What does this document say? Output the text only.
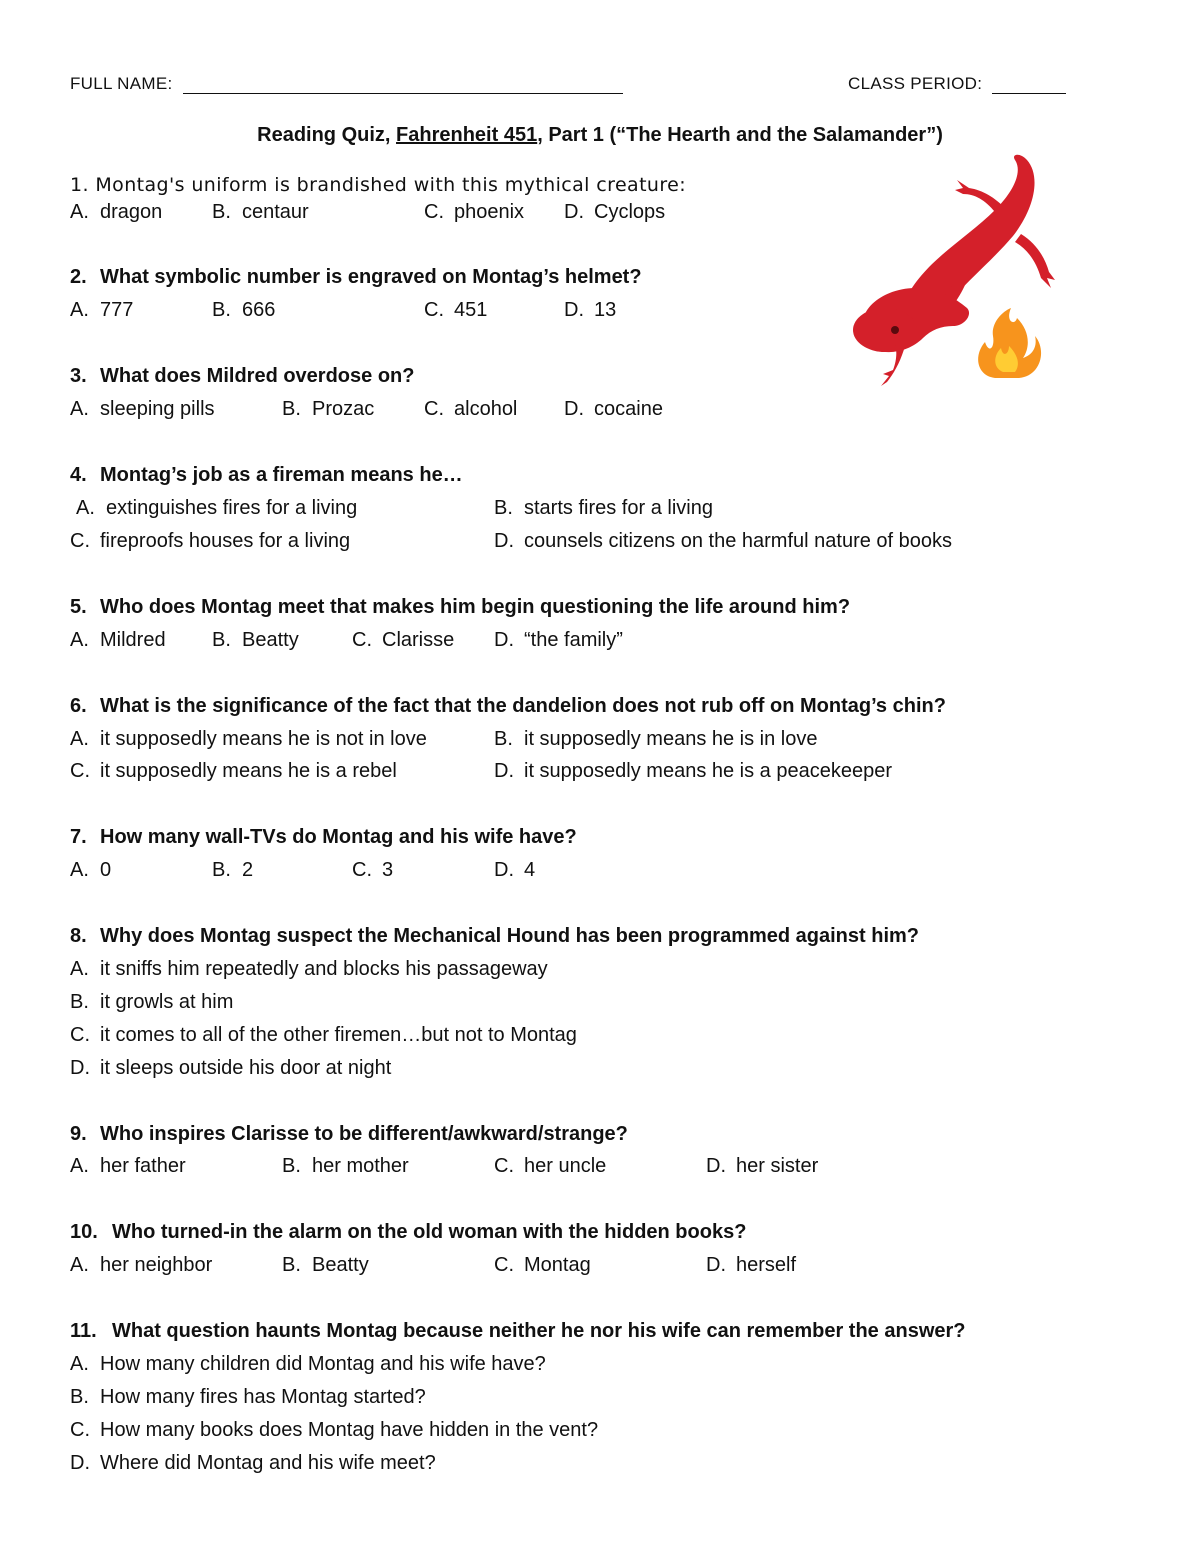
FULL NAME:	CLASS PERIOD:
Reading Quiz, Fahrenheit 451, Part 1 (“The Hearth and the Salamander”)
1. Montag's uniform is brandished with this mythical creature:
A. dragon B. centaur	C. phoenix D. Cyclops
2. What symbolic number is engraved on Montag’s helmet?
A. 777	B. 666	C. 451	D. 13
3. What does Mildred overdose on?
A. sleeping pills	B. Prozac C. alcohol D. cocaine
4. Montag’s job as a fireman means he…
A. extinguishes fires for a living	B. starts fires for a living
C. fireproofs houses for a living	D. counsels citizens on the harmful nature of books
5. Who does Montag meet that makes him begin questioning the life around him?
A. Mildred B. Beatty	C. Clarisse D. “the family”
6. What is the significance of the fact that the dandelion does not rub off on Montag’s chin?
A. it supposedly means he is not in love	B. it supposedly means he is in love
C. it supposedly means he is a rebel	D. it supposedly means he is a peacekeeper
7. How many wall-TVs do Montag and his wife have?
A. 0	B. 2	C. 3	D. 4
8. Why does Montag suspect the Mechanical Hound has been programmed against him?
A. it sniffs him repeatedly and blocks his passageway
B. it growls at him
C. it comes to all of the other firemen…but not to Montag
D. it sleeps outside his door at night
9. Who inspires Clarisse to be different/awkward/strange?
A. her father	B. her mother	C. her uncle	D. her sister
10. Who turned-in the alarm on the old woman with the hidden books?
A. her neighbor	B. Beatty	C. Montag	D. herself
11. What question haunts Montag because neither he nor his wife can remember the answer?
A. How many children did Montag and his wife have?
B. How many fires has Montag started?
C. How many books does Montag have hidden in the vent?
D. Where did Montag and his wife meet?
